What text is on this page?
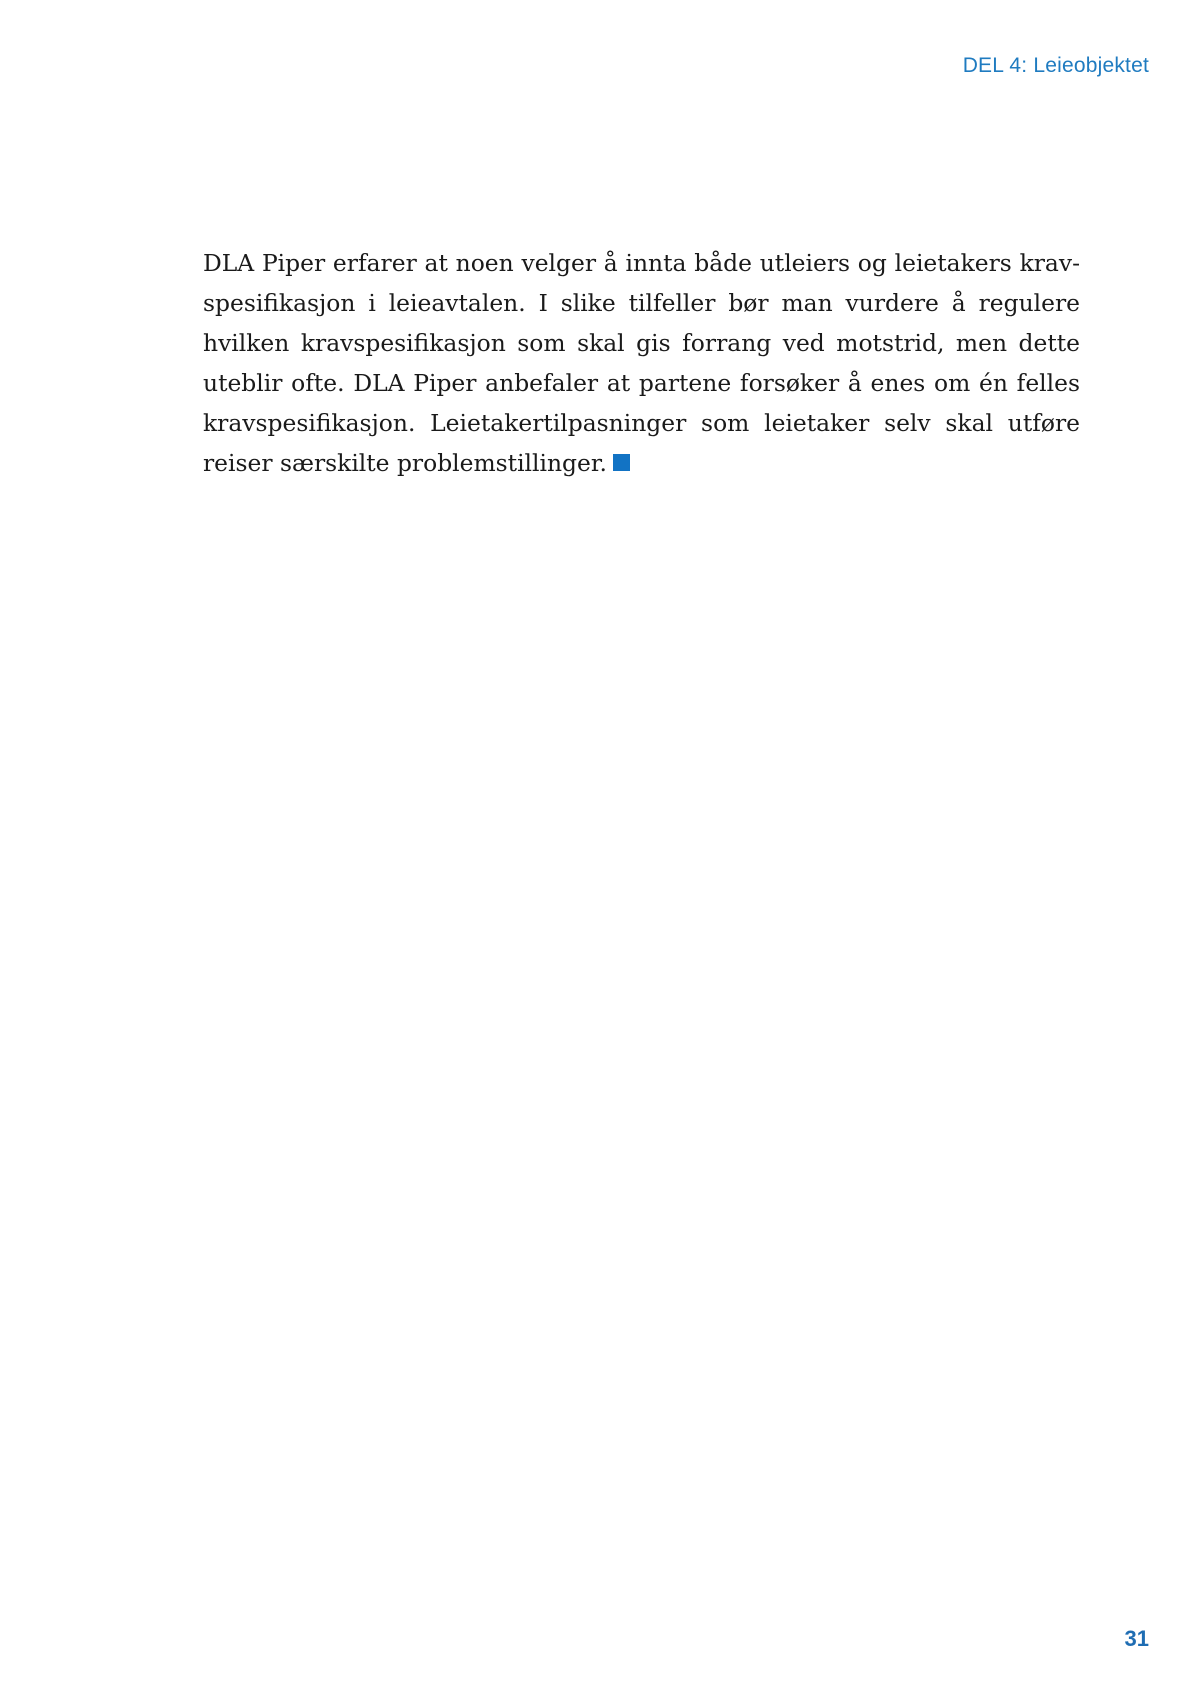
DEL 4: Leieobjektet

DLA Piper erfarer at noen velger å innta både utleiers og leietakers krav-
spesifikasjon i leieavtalen. I slike tilfeller bør man vurdere å regulere
hvilken kravspesifikasjon som skal gis forrang ved motstrid, men dette
uteblir ofte. DLA Piper anbefaler at partene forsøker å enes om én felles
kravspesifikasjon. Leietakertilpasninger som leietaker selv skal utføre
reiser særskilte problemstillinger.

31
